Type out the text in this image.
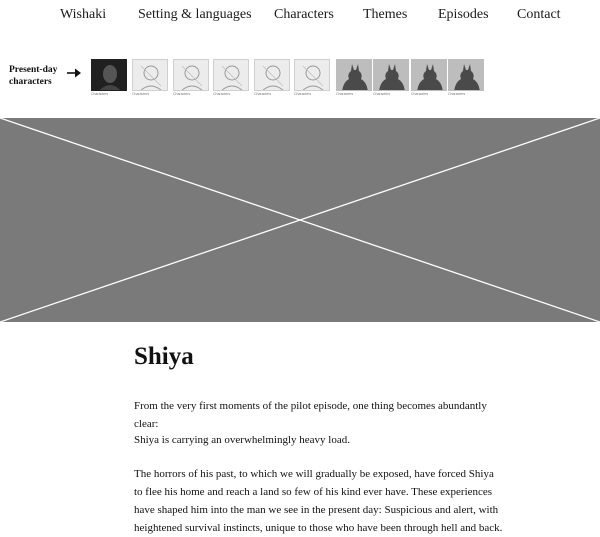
Wishaki Setting & languages Characters Themes Episodes Contact
Present-day characters
Characters	Characters	Characters	Characters	Characters	Characters	Characters	Characters	Characters	Characters
Shiya

From the very first moments of the pilot episode, one thing becomes abundantly clear:

Shiya is carrying an overwhelmingly heavy load.

The horrors of his past, to which we will gradually be exposed, have forced Shiya to flee his home and reach a land so few of his kind ever have. These experiences have shaped him into the man we see in the present day: Suspicious and alert, with heightened survival instincts, unique to those who have been through hell and back.
